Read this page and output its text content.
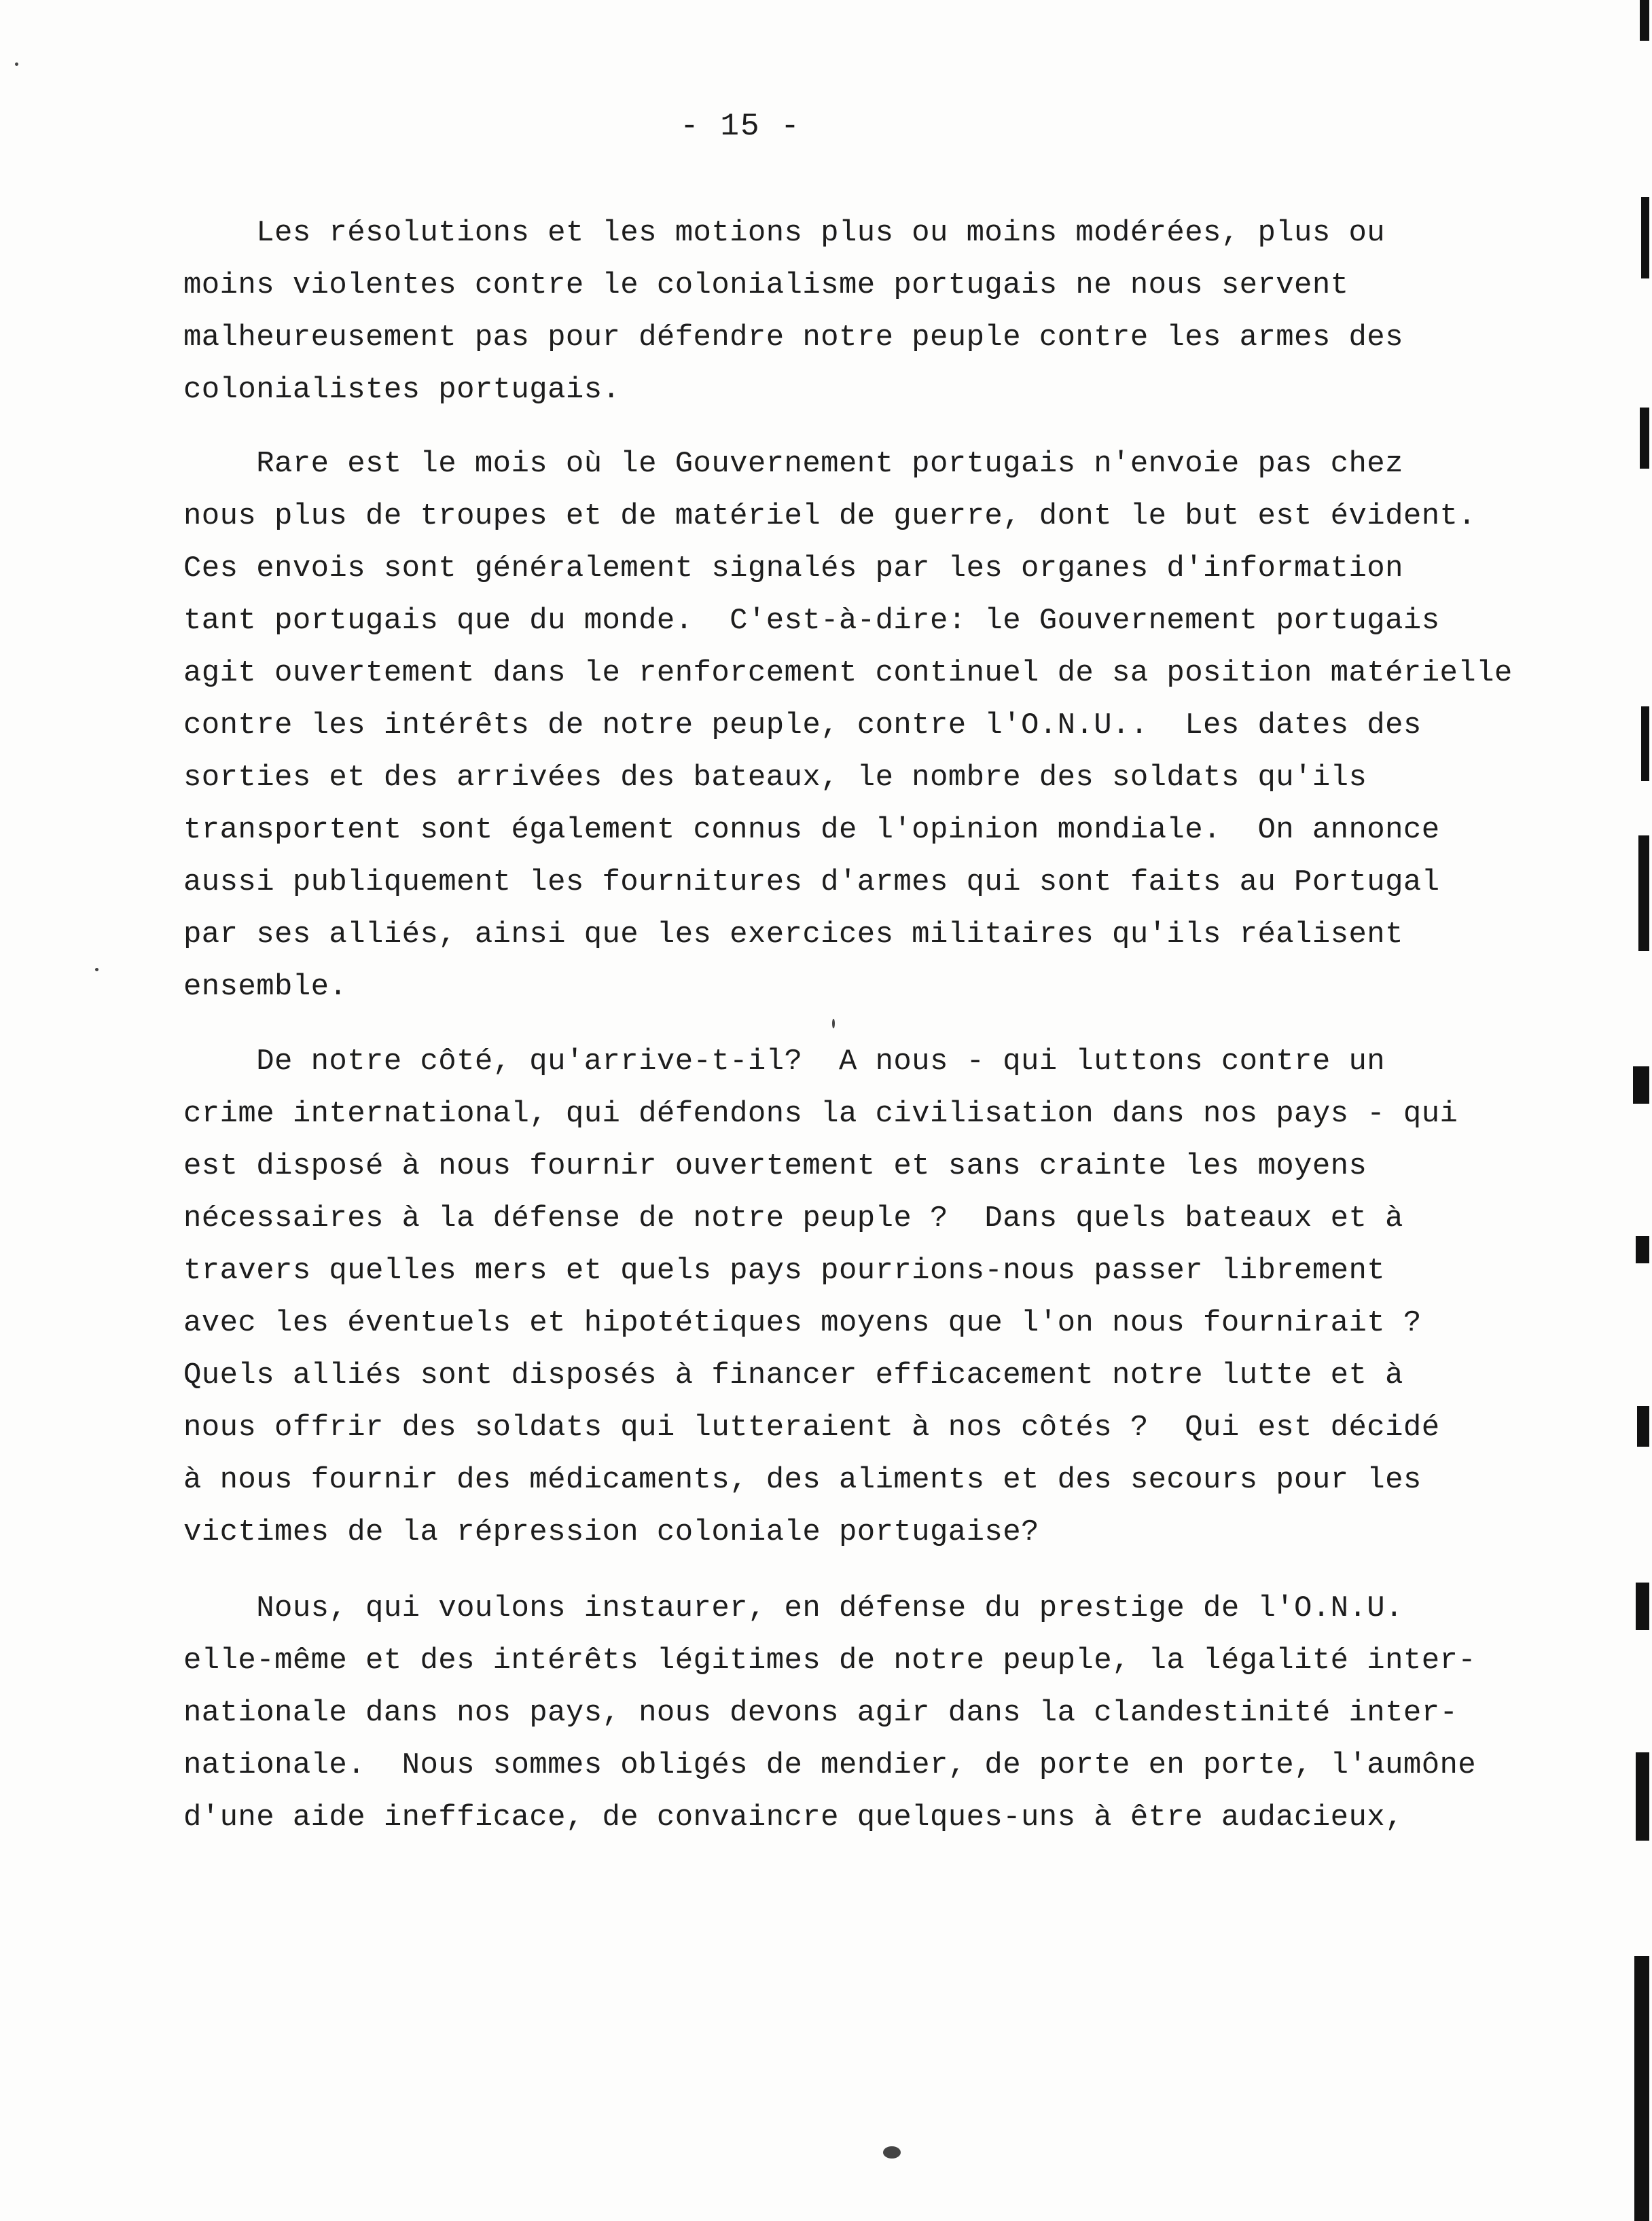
- 15 -
Les résolutions et les motions plus ou moins modérées, plus ou
moins violentes contre le colonialisme portugais ne nous servent
malheureusement pas pour défendre notre peuple contre les armes des
colonialistes portugais.
Rare est le mois où le Gouvernement portugais n'envoie pas chez
nous plus de troupes et de matériel de guerre, dont le but est évident.
Ces envois sont généralement signalés par les organes d'information
tant portugais que du monde.  C'est-à-dire: le Gouvernement portugais
agit ouvertement dans le renforcement continuel de sa position matérielle
contre les intérêts de notre peuple, contre l'O.N.U..  Les dates des
sorties et des arrivées des bateaux, le nombre des soldats qu'ils
transportent sont également connus de l'opinion mondiale.  On annonce
aussi publiquement les fournitures d'armes qui sont faits au Portugal
par ses alliés, ainsi que les exercices militaires qu'ils réalisent
ensemble.
De notre côté, qu'arrive-t-il?  A nous - qui luttons contre un
crime international, qui défendons la civilisation dans nos pays - qui
est disposé à nous fournir ouvertement et sans crainte les moyens
nécessaires à la défense de notre peuple ?  Dans quels bateaux et à
travers quelles mers et quels pays pourrions-nous passer librement
avec les éventuels et hipotétiques moyens que l'on nous fournirait ?
Quels alliés sont disposés à financer efficacement notre lutte et à
nous offrir des soldats qui lutteraient à nos côtés ?  Qui est décidé
à nous fournir des médicaments, des aliments et des secours pour les
victimes de la répression coloniale portugaise?
Nous, qui voulons instaurer, en défense du prestige de l'O.N.U.
elle-même et des intérêts légitimes de notre peuple, la légalité inter-
nationale dans nos pays, nous devons agir dans la clandestinité inter-
nationale.  Nous sommes obligés de mendier, de porte en porte, l'aumône
d'une aide inefficace, de convaincre quelques-uns à être audacieux,
